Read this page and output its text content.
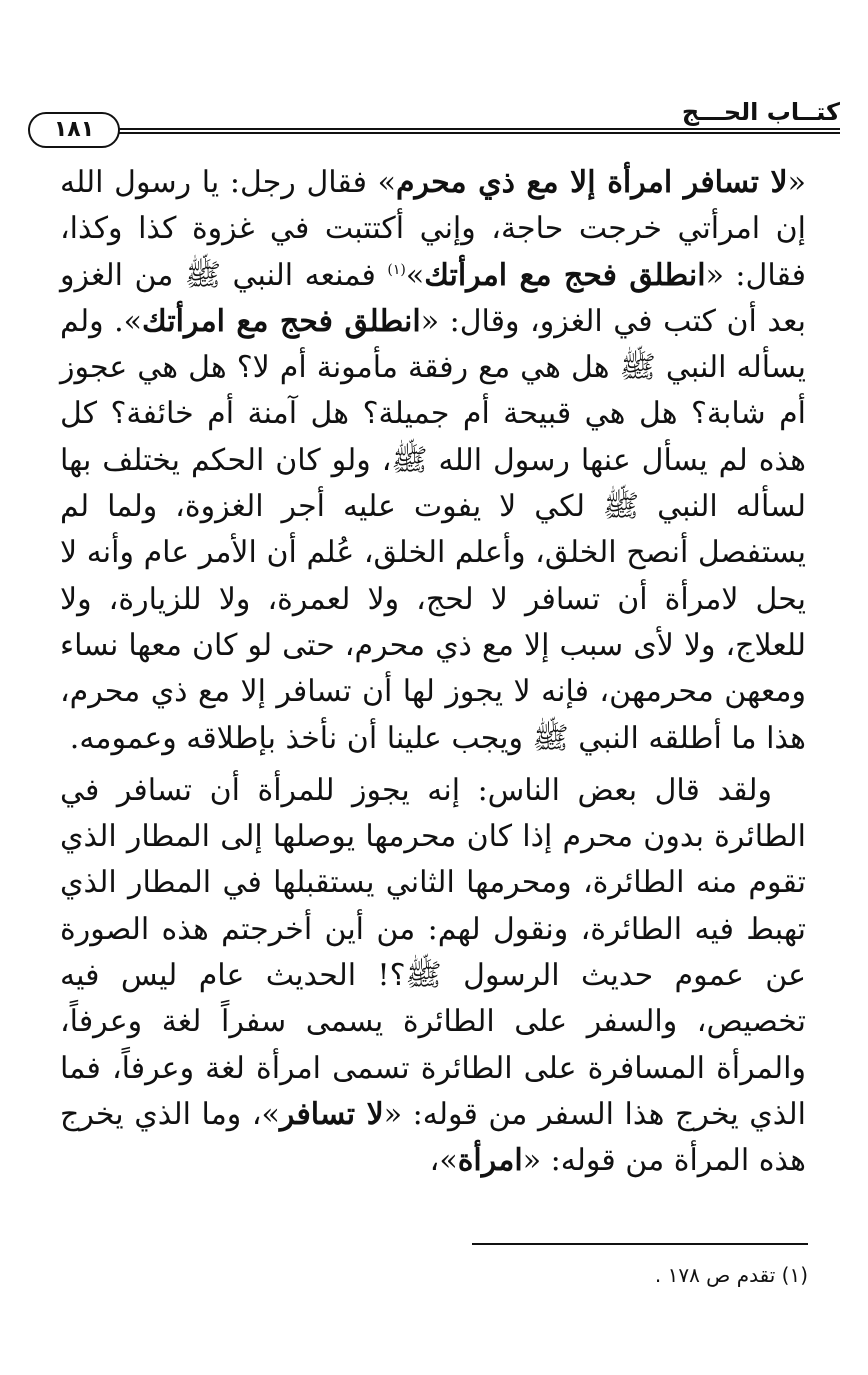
كتــاب الحـــج
١٨١

«لا تسافر امرأة إلا مع ذي محرم» فقال رجل: يا رسول الله إن امرأتي خرجت حاجة، وإني أكتتبت في غزوة كذا وكذا، فقال: «انطلق فحج مع امرأتك»$^{(١)}$ فمنعه النبي ﷺ من الغزو بعد أن كتب في الغزو، وقال: «انطلق فحج مع امرأتك». ولم يسأله النبي ﷺ هل هي مع رفقة مأمونة أم لا؟ هل هي عجوز أم شابة؟ هل هي قبيحة أم جميلة؟ هل آمنة أم خائفة؟ كل هذه لم يسأل عنها رسول الله ﷺ، ولو كان الحكم يختلف بها لسأله النبي ﷺ لكي لا يفوت عليه أجر الغزوة، ولما لم يستفصل أنصح الخلق، وأعلم الخلق، عُلم أن الأمر عام وأنه لا يحل لامرأة أن تسافر لا لحج، ولا لعمرة، ولا للزيارة، ولا للعلاج، ولا لأى سبب إلا مع ذي محرم، حتى لو كان معها نساء ومعهن محرمهن، فإنه لا يجوز لها أن تسافر إلا مع ذي محرم، هذا ما أطلقه النبي ﷺ ويجب علينا أن نأخذ بإطلاقه وعمومه.

ولقد قال بعض الناس: إنه يجوز للمرأة أن تسافر في الطائرة بدون محرم إذا كان محرمها يوصلها إلى المطار الذي تقوم منه الطائرة، ومحرمها الثاني يستقبلها في المطار الذي تهبط فيه الطائرة، ونقول لهم: من أين أخرجتم هذه الصورة عن عموم حديث الرسول ﷺ؟! الحديث عام ليس فيه تخصيص، والسفر على الطائرة يسمى سفراً لغة وعرفاً، والمرأة المسافرة على الطائرة تسمى امرأة لغة وعرفاً، فما الذي يخرج هذا السفر من قوله: «لا تسافر»، وما الذي يخرج هذه المرأة من قوله: «امرأة»،

(١) تقدم ص ١٧٨ .
